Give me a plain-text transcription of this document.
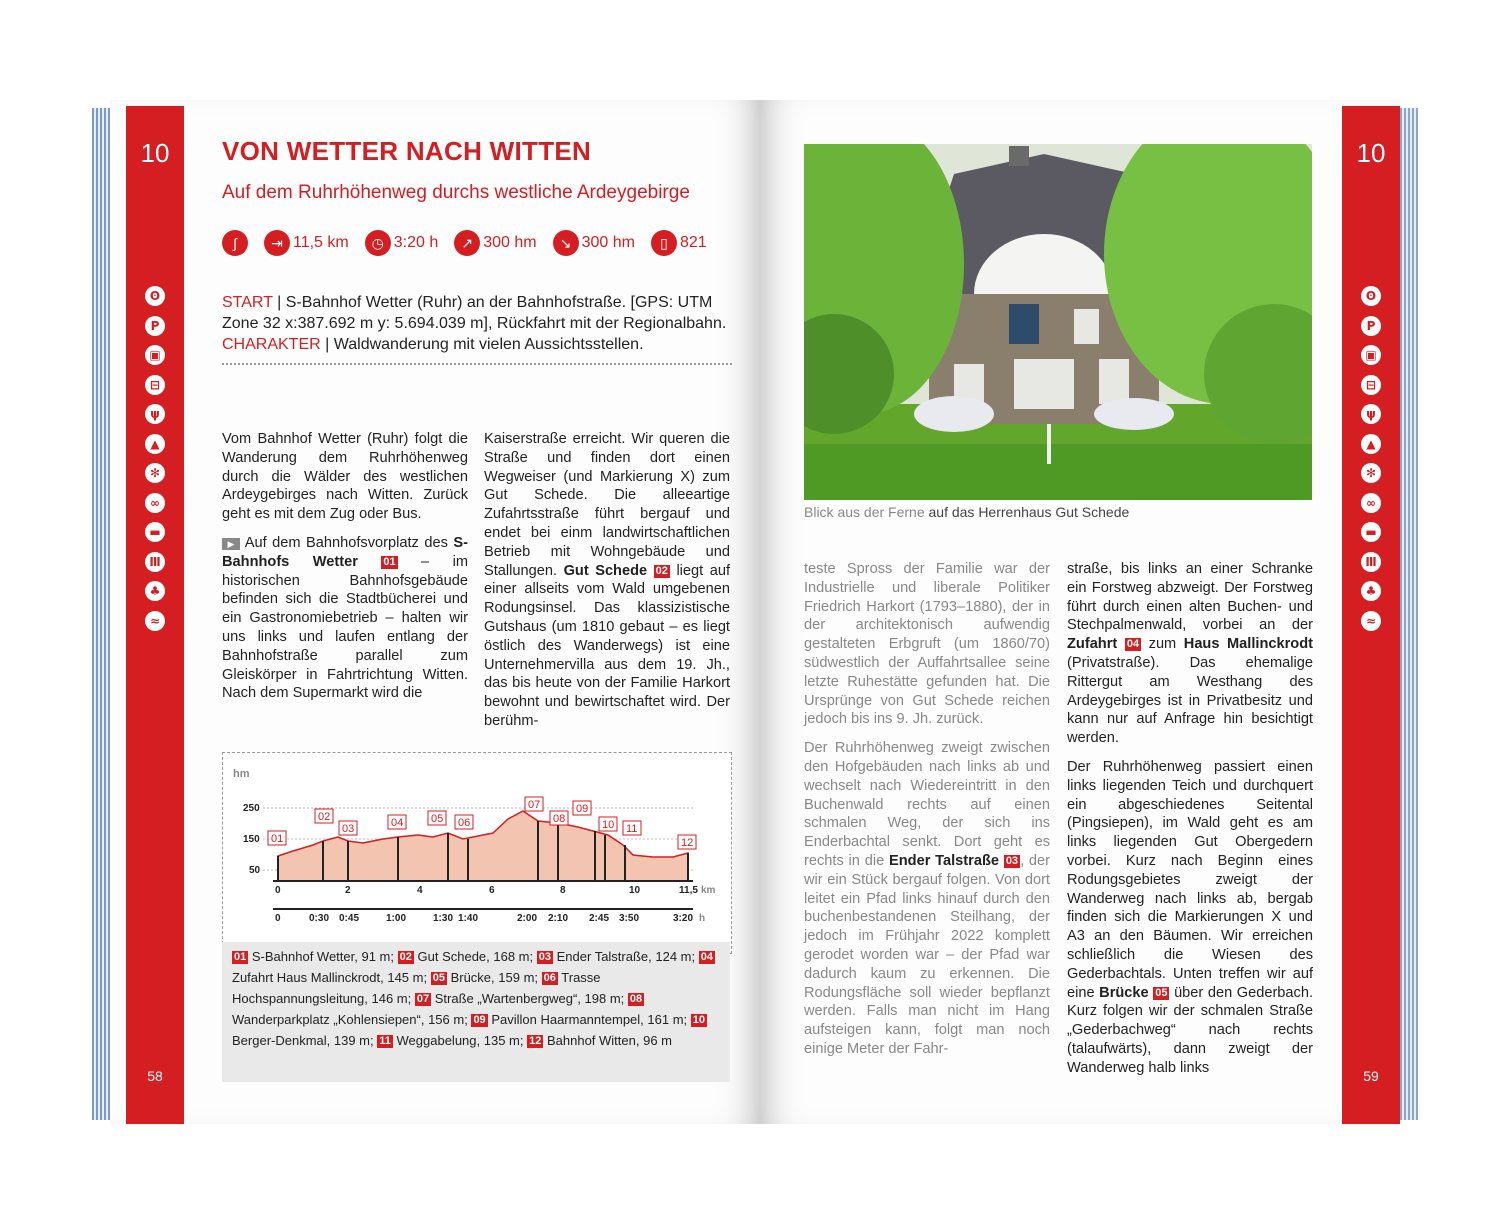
10
ʘ
P
▣
⊟
ψ
▲
✻
∞
▬
Ⅲ
♣
≈
58
VON WETTER NACH WITTEN
Auf dem Ruhrhöhenweg durchs westliche Ardeygebirge
ʃ	⇥ 11,5 km	◷ 3:20 h	↗ 300 hm	↘ 300 hm	▯ 821
START | S-Bahnhof Wetter (Ruhr) an der Bahnhofstraße. [GPS: UTM Zone 32 x:387.692 m y: 5.694.039 m], Rückfahrt mit der Regionalbahn.
CHARAKTER | Waldwanderung mit vielen Aussichtsstellen.

Vom Bahnhof Wetter (Ruhr) folgt die Wanderung dem Ruhrhöhenweg durch die Wälder des westlichen Ardeygebirges nach Witten. Zurück geht es mit dem Zug oder Bus.

▶ Auf dem Bahnhofsvorplatz des S-Bahnhofs Wetter 01 – im historischen Bahnhofsgebäude befinden sich die Stadtbücherei und ein Gastronomiebetrieb – halten wir uns links und laufen entlang der Bahnhofstraße parallel zum Gleiskörper in Fahrtrichtung Witten. Nach dem Supermarkt wird die

Kaiserstraße erreicht. Wir queren die Straße und finden dort einen Wegweiser (und Markierung X) zum Gut Schede. Die alleeartige Zufahrtsstraße führt bergauf und endet bei einm landwirtschaftlichen Betrieb mit Wohngebäude und Stallungen. Gut Schede 02 liegt auf einer allseits vom Wald umgebenen Rodungsinsel. Das klassizistische Gutshaus (um 1810 gebaut – es liegt östlich des Wanderwegs) ist eine Unternehmervilla aus dem 19. Jh., das bis heute von der Familie Harkort bewohnt und bewirtschaftet wird. Der berühm-

hm
250
150
50
01
02
03	04	05 06
07
08
09
10 11
12
0	2	4	6	8	10	11,5 km
0	0:30 0:45	1:00	1:30 1:40	2:00 2:10 2:45 3:50	3:20 h
01 S-Bahnhof Wetter, 91 m; 02 Gut Schede, 168 m; 03 Ender Talstraße, 124 m; 04 Zufahrt Haus Mallinckrodt, 145 m; 05 Brücke, 159 m; 06 Trasse Hochspannungsleitung, 146 m; 07 Straße „Wartenbergweg“, 198 m; 08 Wanderparkplatz „Kohlensiepen“, 156 m; 09 Pavillon Haarmanntempel, 161 m; 10 Berger-Denkmal, 139 m; 11 Weggabelung, 135 m; 12 Bahnhof Witten, 96 m
Blick aus der Ferne auf das Herrenhaus Gut Schede

teste Spross der Familie war der Industrielle und liberale Politiker Friedrich Harkort (1793–1880), der in der architektonisch aufwendig gestalteten Erbgruft (um 1860/70) südwestlich der Auffahrtsallee seine letzte Ruhestätte gefunden hat. Die Ursprünge von Gut Schede reichen jedoch bis ins 9. Jh. zurück.

Der Ruhrhöhenweg zweigt zwischen den Hofgebäuden nach links ab und wechselt nach Wiedereintritt in den Buchenwald rechts auf einen schmalen Weg, der sich ins Enderbachtal senkt. Dort geht es rechts in die Ender Talstraße 03 , der wir ein Stück bergauf folgen. Von dort leitet ein Pfad links hinauf durch den buchenbestandenen Steilhang, der jedoch im Frühjahr 2022 komplett gerodet worden war – der Pfad war dadurch kaum zu erkennen. Die Rodungsfläche soll wieder bepflanzt werden. Falls man nicht im Hang aufsteigen kann, folgt man noch einige Meter der Fahr-

straße, bis links an einer Schranke ein Forstweg abzweigt. Der Forstweg führt durch einen alten Buchen- und Stechpalmenwald, vorbei an der Zufahrt 04 zum Haus Mallinckrodt (Privatstraße). Das ehemalige Rittergut am Westhang des Ardeygebirges ist in Privatbesitz und kann nur auf Anfrage hin besichtigt werden.

Der Ruhrhöhenweg passiert einen links liegenden Teich und durchquert ein abgeschiedenes Seitental (Pingsiepen), im Wald geht es am links liegenden Gut Obergedern vorbei. Kurz nach Beginn eines Rodungsgebietes zweigt der Wanderweg nach links ab, bergab finden sich die Markierungen X und A3 an den Bäumen. Wir erreichen schließlich die Wiesen des Gederbachtals. Unten treffen wir auf eine Brücke 05 über den Gederbach. Kurz folgen wir der schmalen Straße „Gederbachweg“ nach rechts (talaufwärts), dann zweigt der Wanderweg halb links

10
ʘ
P
▣
⊟
ψ
▲
✻
∞
▬
Ⅲ
♣
≈
59
